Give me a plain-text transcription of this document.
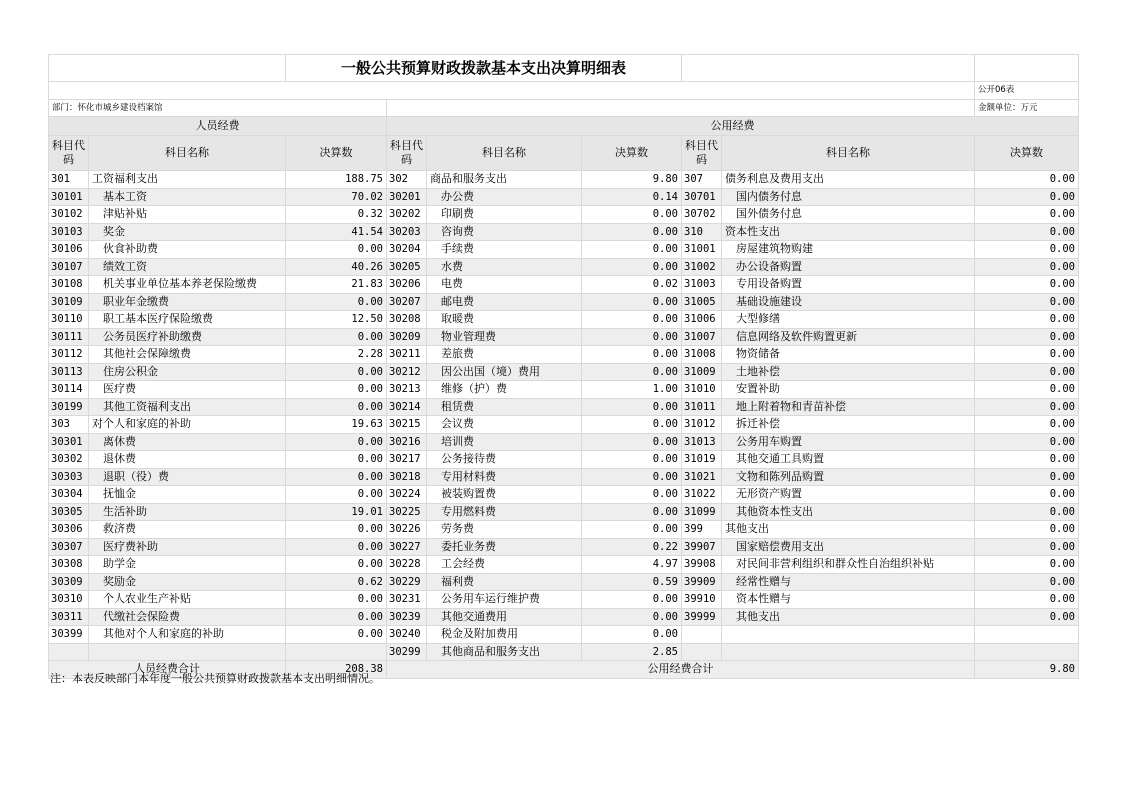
		一般公共预算财政拨款基本支出决算明细表						
								公开06表
部门：怀化市城乡建设档案馆								金额单位：万元
人员经费			公用经费					
科目代码	科目名称	决算数	科目代码	科目名称	决算数	科目代码	科目名称	决算数
301	工资福利支出	188.75	302	商品和服务支出	9.80	307	债务利息及费用支出	0.00
30101	基本工资	70.02	30201	办公费	0.14	30701	国内债务付息	0.00
30102	津贴补贴	0.32	30202	印刷费	0.00	30702	国外债务付息	0.00
30103	奖金	41.54	30203	咨询费	0.00	310	资本性支出	0.00
30106	伙食补助费	0.00	30204	手续费	0.00	31001	房屋建筑物购建	0.00
30107	绩效工资	40.26	30205	水费	0.00	31002	办公设备购置	0.00
30108	机关事业单位基本养老保险缴费	21.83	30206	电费	0.02	31003	专用设备购置	0.00
30109	职业年金缴费	0.00	30207	邮电费	0.00	31005	基础设施建设	0.00
30110	职工基本医疗保险缴费	12.50	30208	取暖费	0.00	31006	大型修缮	0.00
30111	公务员医疗补助缴费	0.00	30209	物业管理费	0.00	31007	信息网络及软件购置更新	0.00
30112	其他社会保障缴费	2.28	30211	差旅费	0.00	31008	物资储备	0.00
30113	住房公积金	0.00	30212	因公出国（境）费用	0.00	31009	土地补偿	0.00
30114	医疗费	0.00	30213	维修（护）费	1.00	31010	安置补助	0.00
30199	其他工资福利支出	0.00	30214	租赁费	0.00	31011	地上附着物和青苗补偿	0.00
303	对个人和家庭的补助	19.63	30215	会议费	0.00	31012	拆迁补偿	0.00
30301	离休费	0.00	30216	培训费	0.00	31013	公务用车购置	0.00
30302	退休费	0.00	30217	公务接待费	0.00	31019	其他交通工具购置	0.00
30303	退职（役）费	0.00	30218	专用材料费	0.00	31021	文物和陈列品购置	0.00
30304	抚恤金	0.00	30224	被装购置费	0.00	31022	无形资产购置	0.00
30305	生活补助	19.01	30225	专用燃料费	0.00	31099	其他资本性支出	0.00
30306	救济费	0.00	30226	劳务费	0.00	399	其他支出	0.00
30307	医疗费补助	0.00	30227	委托业务费	0.22	39907	国家赔偿费用支出	0.00
30308	助学金	0.00	30228	工会经费	4.97	39908	对民间非营利组织和群众性自治组织补贴	0.00
30309	奖励金	0.62	30229	福利费	0.59	39909	经常性赠与	0.00
30310	个人农业生产补贴	0.00	30231	公务用车运行维护费	0.00	39910	资本性赠与	0.00
30311	代缴社会保险费	0.00	30239	其他交通费用	0.00	39999	其他支出	0.00
30399	其他对个人和家庭的补助	0.00	30240	税金及附加费用	0.00			
			30299	其他商品和服务支出	2.85			
人员经费合计		208.38	公用经费合计					9.80
注：本表反映部门本年度一般公共预算财政拨款基本支出明细情况。
